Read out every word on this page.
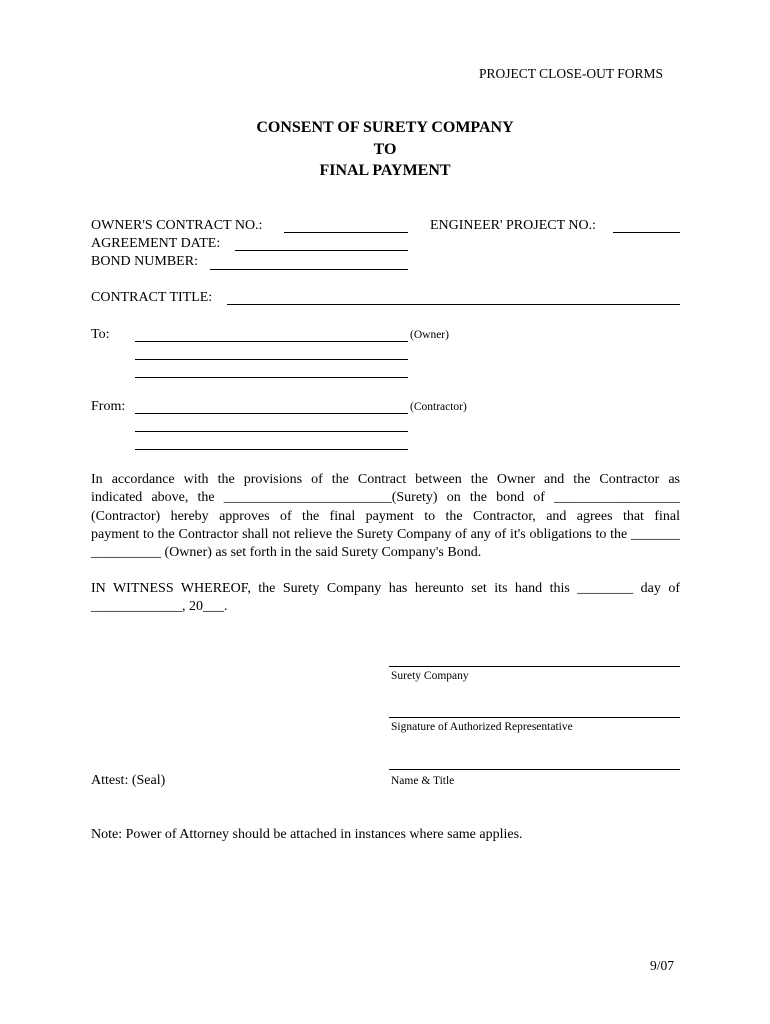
PROJECT CLOSE-OUT FORMS
CONSENT OF SURETY COMPANY
TO
FINAL PAYMENT
OWNER'S CONTRACT NO.:	ENGINEER' PROJECT NO.:
AGREEMENT DATE:
BOND NUMBER:
CONTRACT TITLE:
To:	(Owner)
From:	(Contractor)
In accordance with the provisions of the Contract between the Owner and the Contractor as
indicated above, the ________________________(Surety) on the bond of __________________
(Contractor) hereby approves of the final payment to the Contractor, and agrees that final
payment to the Contractor shall not relieve the Surety Company of any of it's obligations to the _______
__________ (Owner) as set forth in the said Surety Company's Bond.
IN WITNESS WHEREOF, the Surety Company has hereunto set its hand this ________ day of
_____________, 20___.
Surety Company
Signature of Authorized Representative
Attest: (Seal)	Name & Title
Note: Power of Attorney should be attached in instances where same applies.
9/07
